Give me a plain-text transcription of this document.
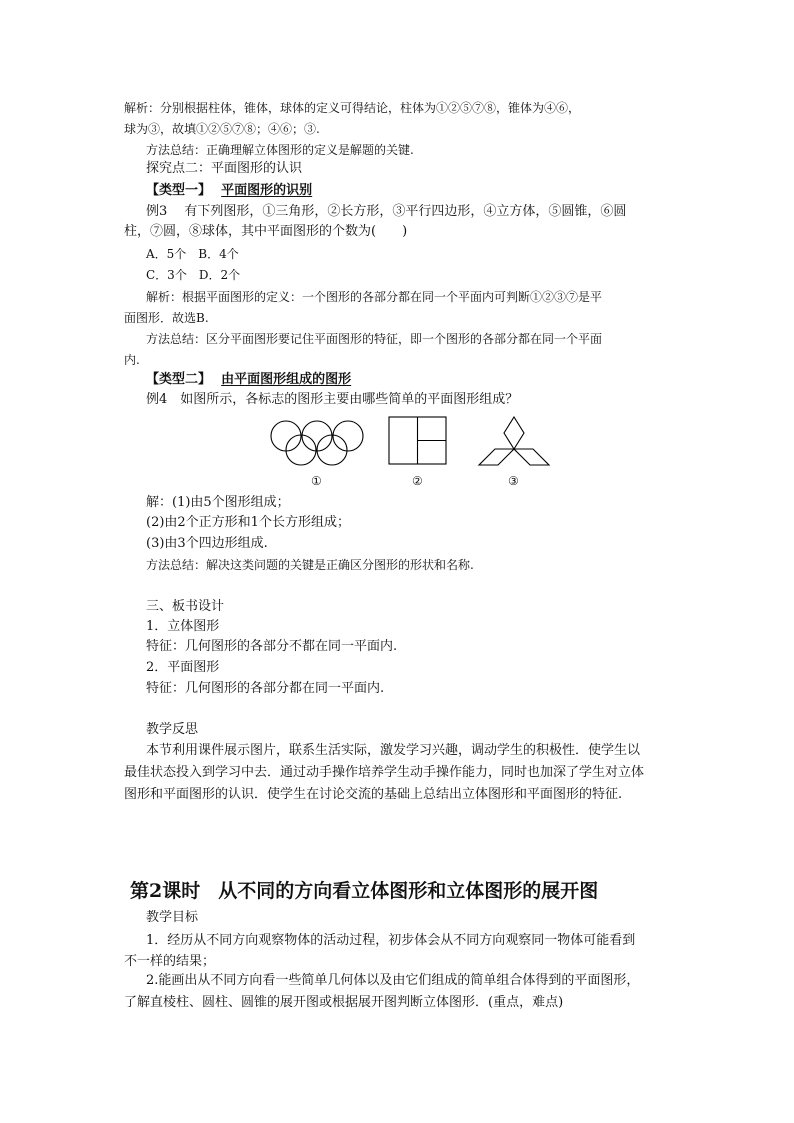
解析：分别根据柱体，锥体，球体的定义可得结论，柱体为①②⑤⑦⑧，锥体为④⑥，
球为③，故填①②⑤⑦⑧；④⑥；③.
方法总结：正确理解立体图形的定义是解题的关键.
探究点二：平面图形的认识
【类型一】 平面图形的识别
例3　 有下列图形，①三角形，②长方形，③平行四边形，④立方体，⑤圆锥，⑥圆
柱，⑦圆，⑧球体，其中平面图形的个数为(　　)
A．5个　B．4个
C．3个　D．2个
解析：根据平面图形的定义：一个图形的各部分都在同一个平面内可判断①②③⑦是平
面图形．故选B.
方法总结：区分平面图形要记住平面图形的特征，即一个图形的各部分都在同一个平面
内.
【类型二】 由平面图形组成的图形
例4　如图所示，各标志的图形主要由哪些简单的平面图形组成？
①	②	③
解：(1)由5个图形组成；
(2)由2个正方形和1个长方形组成；
(3)由3个四边形组成.
方法总结：解决这类问题的关键是正确区分图形的形状和名称.
三、板书设计
1．立体图形
特征：几何图形的各部分不都在同一平面内.
2．平面图形
特征：几何图形的各部分都在同一平面内.
教学反思
本节利用课件展示图片，联系生活实际，激发学习兴趣，调动学生的积极性．使学生以
最佳状态投入到学习中去．通过动手操作培养学生动手操作能力，同时也加深了学生对立体
图形和平面图形的认识．使学生在讨论交流的基础上总结出立体图形和平面图形的特征.
第2课时 从不同的方向看立体图形和立体图形的展开图
教学目标
1．经历从不同方向观察物体的活动过程，初步体会从不同方向观察同一物体可能看到
不一样的结果；
2.能画出从不同方向看一些简单几何体以及由它们组成的简单组合体得到的平面图形，
了解直棱柱、圆柱、圆锥的展开图或根据展开图判断立体图形．(重点，难点)
